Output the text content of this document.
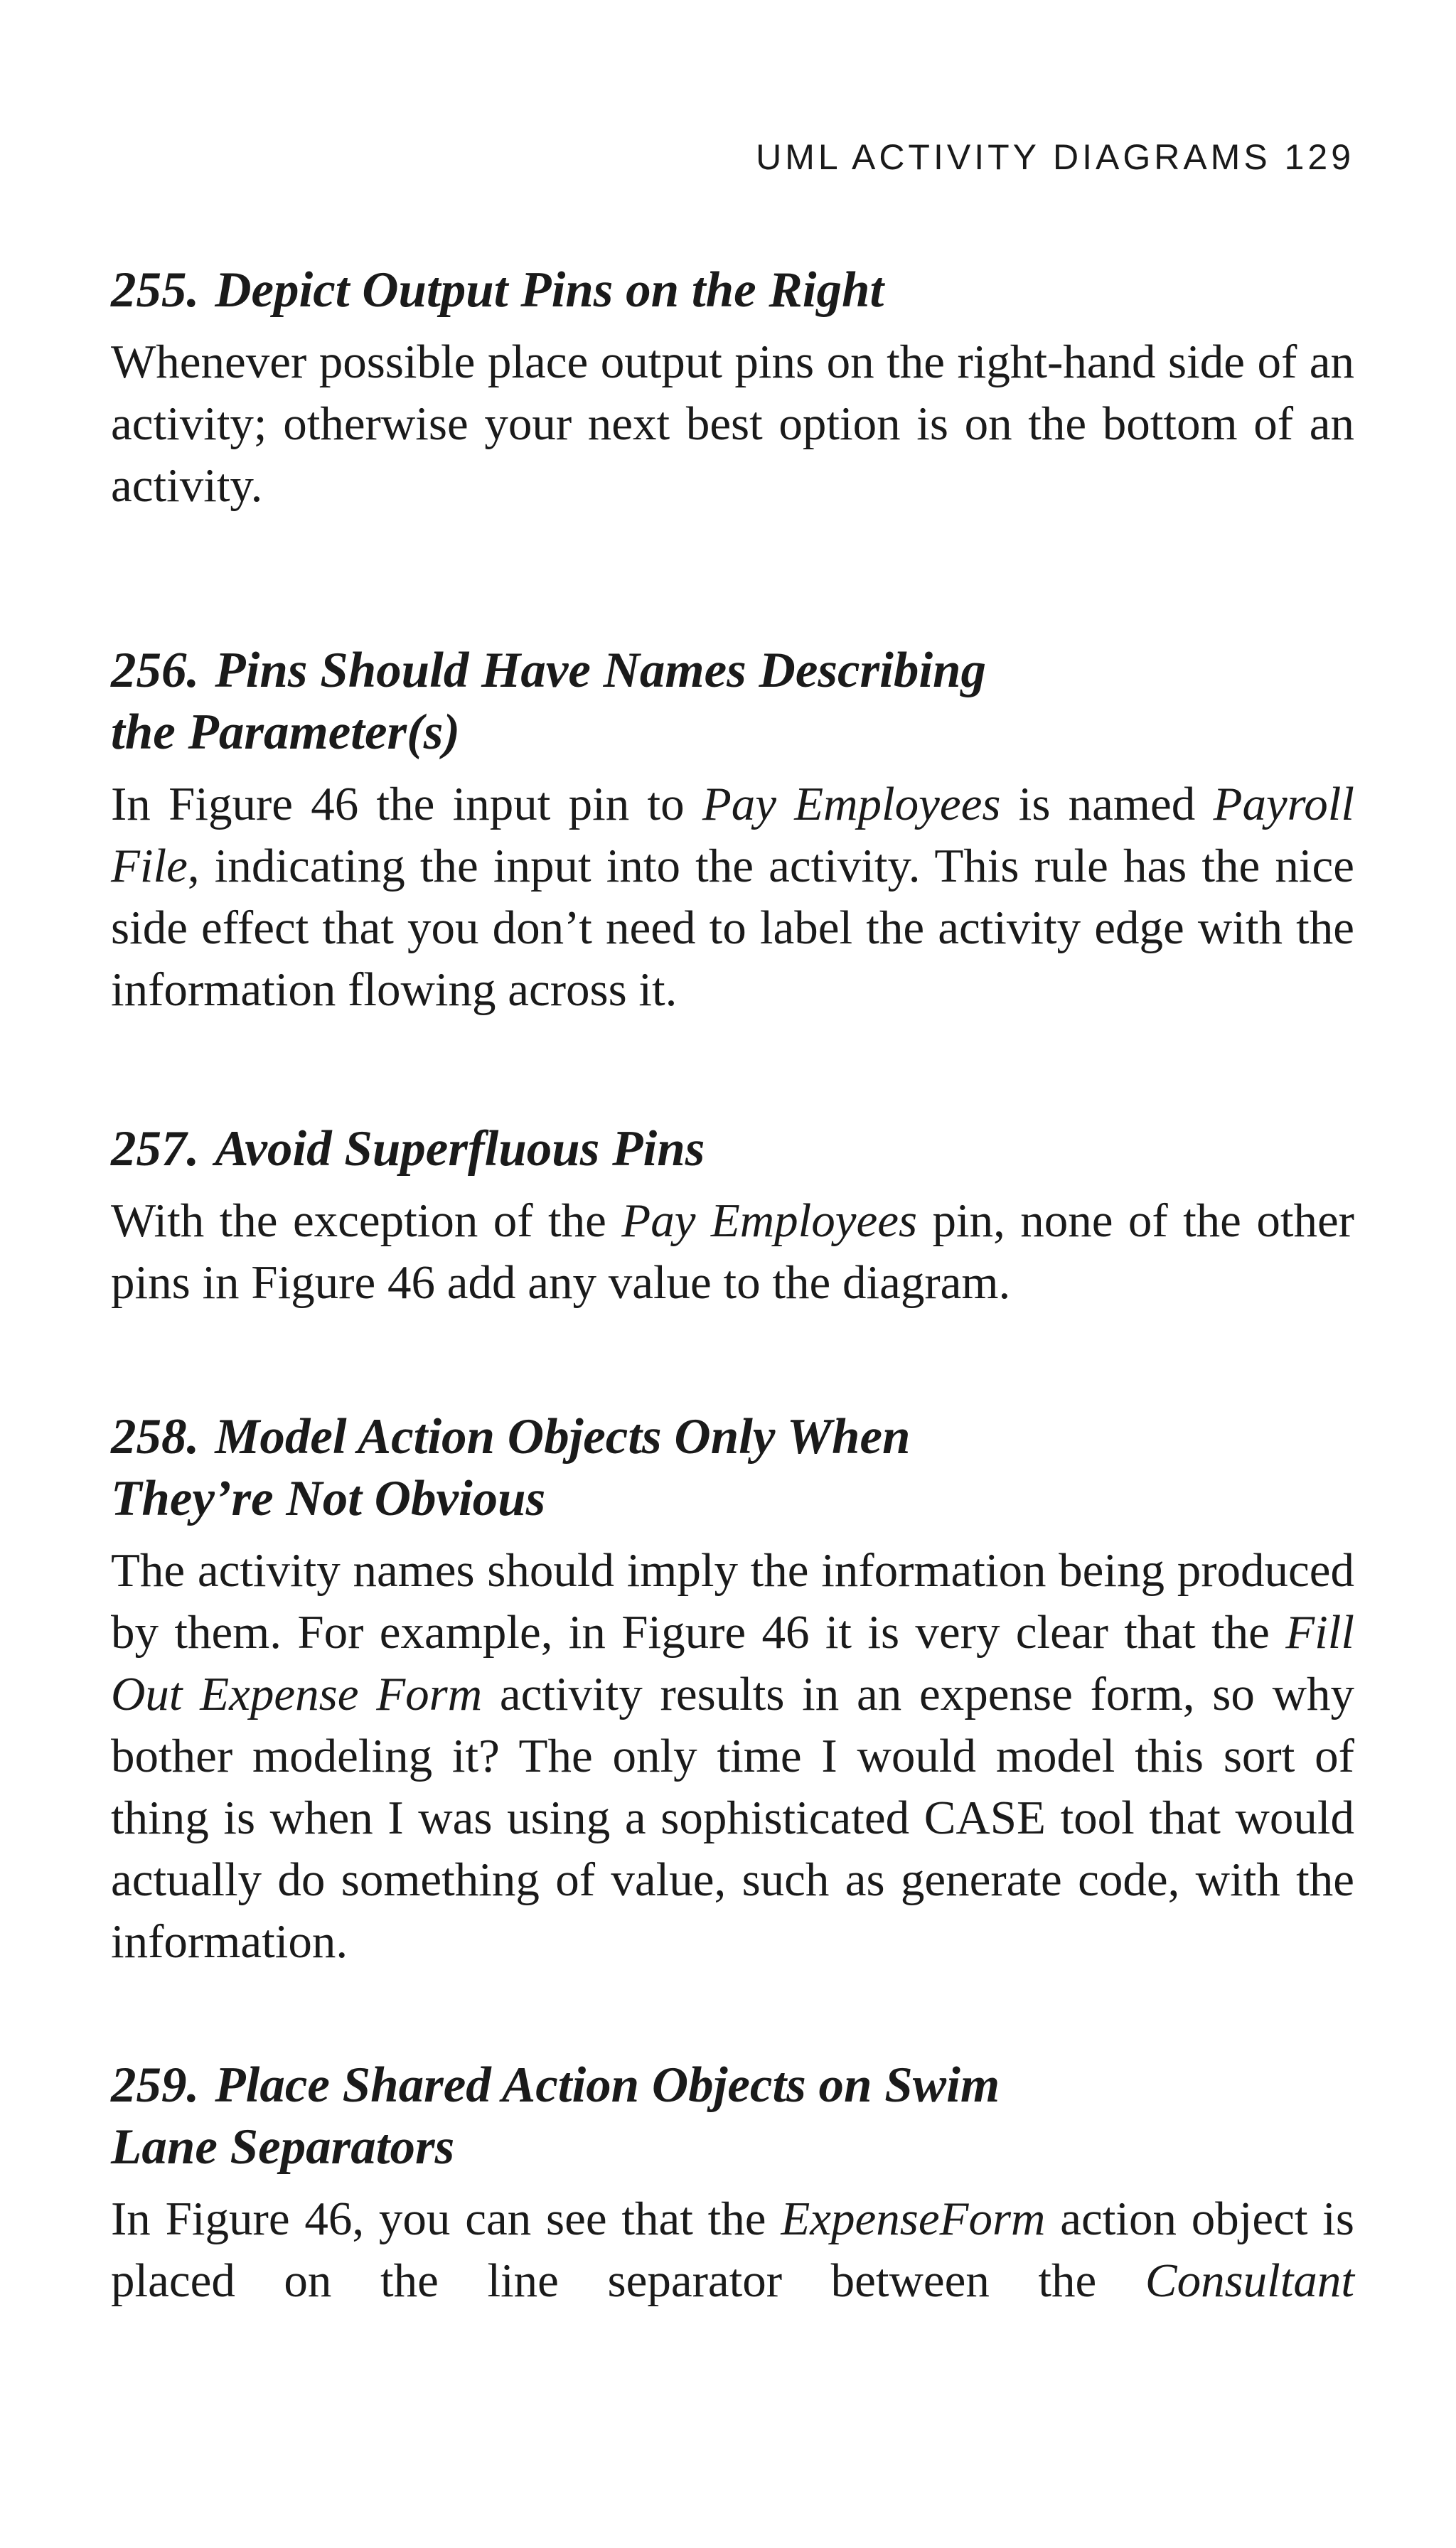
UML ACTIVITY DIAGRAMS 129
255. Depict Output Pins on the Right

Whenever possible place output pins on the right-hand side of an activity; otherwise your next best option is on the bottom of an activity.

256. Pins Should Have Names Describing
the Parameter(s)

In Figure 46 the input pin to Pay Employees is named Payroll File, indicating the input into the activity. This rule has the nice side effect that you don’t need to label the activity edge with the information flowing across it.

257. Avoid Superfluous Pins

With the exception of the Pay Employees pin, none of the other pins in Figure 46 add any value to the diagram.

258. Model Action Objects Only When
They’re Not Obvious

The activity names should imply the information being produced by them. For example, in Figure 46 it is very clear that the Fill Out Expense Form activity results in an expense form, so why bother modeling it? The only time I would model this sort of thing is when I was using a sophisticated CASE tool that would actually do something of value, such as generate code, with the information.

259. Place Shared Action Objects on Swim
Lane Separators

In Figure 46, you can see that the ExpenseForm action object is placed on the line separator between the Consultant
